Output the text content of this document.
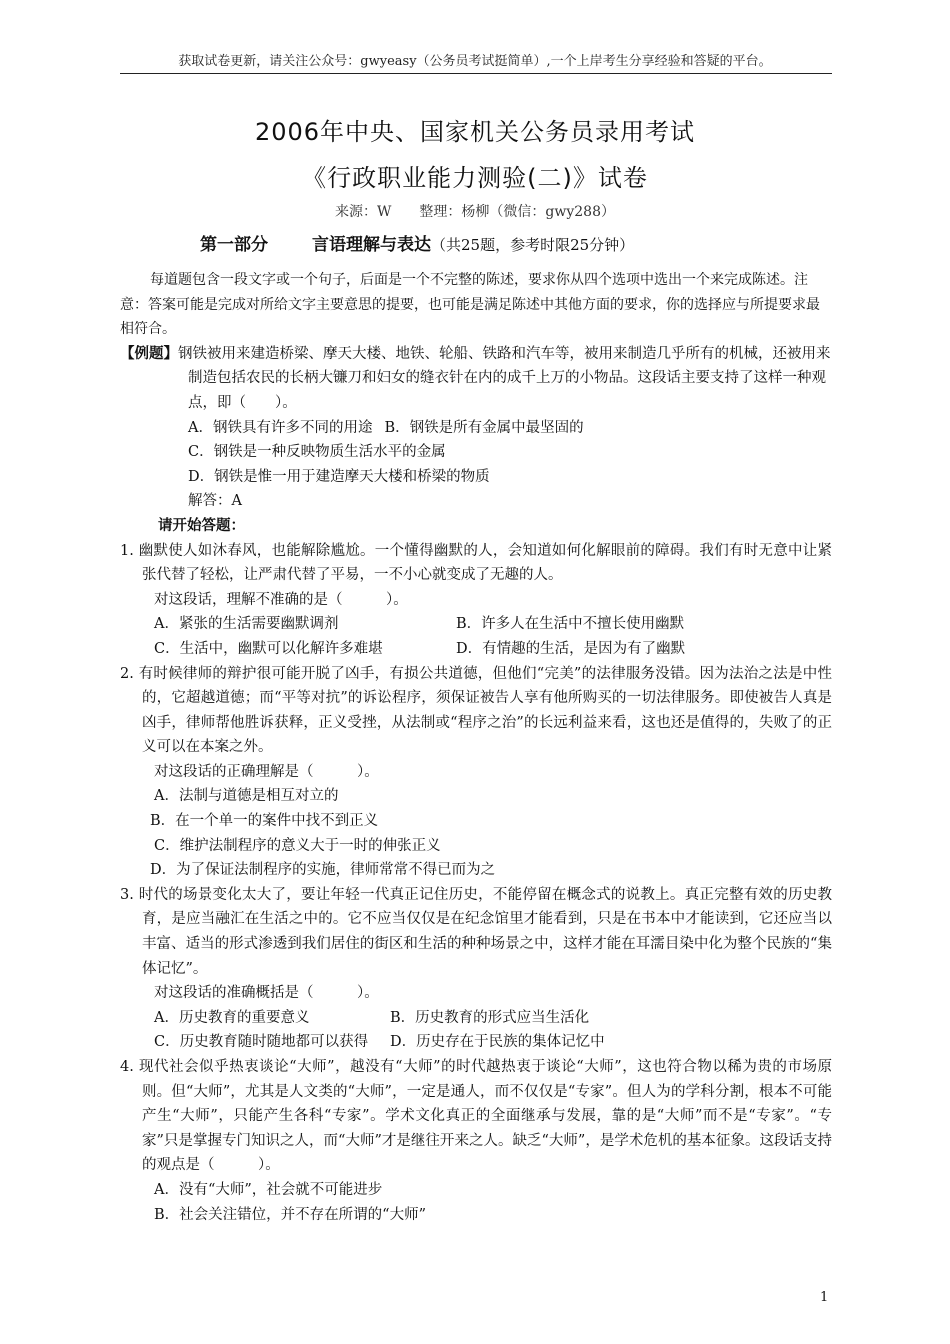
获取试卷更新，请关注公众号：gwyeasy（公务员考试挺简单）,一个上岸考生分享经验和答疑的平台。
2006年中央、国家机关公务员录用考试
《行政职业能力测验(二)》试卷
来源：W　　整理：杨柳（微信：gwy288）
第一部分	言语理解与表达（共25题，参考时限25分钟）

每道题包含一段文字或一个句子，后面是一个不完整的陈述，要求你从四个选项中选出一个来完成陈述。注意：答案可能是完成对所给文字主要意思的提要，也可能是满足陈述中其他方面的要求，你的选择应与所提要求最相符合。

【例题】钢铁被用来建造桥梁、摩天大楼、地铁、轮船、铁路和汽车等，被用来制造几乎所有的机械，还被用来制造包括农民的长柄大镰刀和妇女的缝衣针在内的成千上万的小物品。这段话主要支持了这样一种观点，即（　　）。

A．钢铁具有许多不同的用途 B．钢铁是所有金属中最坚固的

C．钢铁是一种反映物质生活水平的金属

D．钢铁是惟一用于建造摩天大楼和桥梁的物质

解答：A

请开始答题：

1. 幽默使人如沐春风，也能解除尴尬。一个懂得幽默的人，会知道如何化解眼前的障碍。我们有时无意中让紧张代替了轻松，让严肃代替了平易，一不小心就变成了无趣的人。

对这段话，理解不准确的是（　　　）。

A．紧张的生活需要幽默调剂	B．许多人在生活中不擅长使用幽默
C．生活中，幽默可以化解许多难堪	D．有情趣的生活，是因为有了幽默

2. 有时候律师的辩护很可能开脱了凶手，有损公共道德，但他们“完美”的法律服务没错。因为法治之法是中性的，它超越道德；而“平等对抗”的诉讼程序，须保证被告人享有他所购买的一切法律服务。即使被告人真是凶手，律师帮他胜诉获释，正义受挫，从法制或“程序之治”的长远利益来看，这也还是值得的，失败了的正义可以在本案之外。

对这段话的正确理解是（　　　）。

A．法制与道德是相互对立的

B．在一个单一的案件中找不到正义

C．维护法制程序的意义大于一时的伸张正义

D．为了保证法制程序的实施，律师常常不得已而为之

3. 时代的场景变化太大了，要让年轻一代真正记住历史，不能停留在概念式的说教上。真正完整有效的历史教育，是应当融汇在生活之中的。它不应当仅仅是在纪念馆里才能看到，只是在书本中才能读到，它还应当以丰富、适当的形式渗透到我们居住的街区和生活的种种场景之中，这样才能在耳濡目染中化为整个民族的“集体记忆”。

对这段话的准确概括是（　　　）。

A．历史教育的重要意义	B．历史教育的形式应当生活化
C．历史教育随时随地都可以获得	D．历史存在于民族的集体记忆中

4. 现代社会似乎热衷谈论“大师”，越没有“大师”的时代越热衷于谈论“大师”，这也符合物以稀为贵的市场原则。但“大师”，尤其是人文类的“大师”，一定是通人，而不仅仅是“专家”。但人为的学科分割，根本不可能产生“大师”，只能产生各科“专家”。学术文化真正的全面继承与发展，靠的是“大师”而不是“专家”。“专家”只是掌握专门知识之人，而“大师”才是继往开来之人。缺乏“大师”，是学术危机的基本征象。这段话支持的观点是（　　　）。

A．没有“大师”，社会就不可能进步

B．社会关注错位，并不存在所谓的“大师”

1
